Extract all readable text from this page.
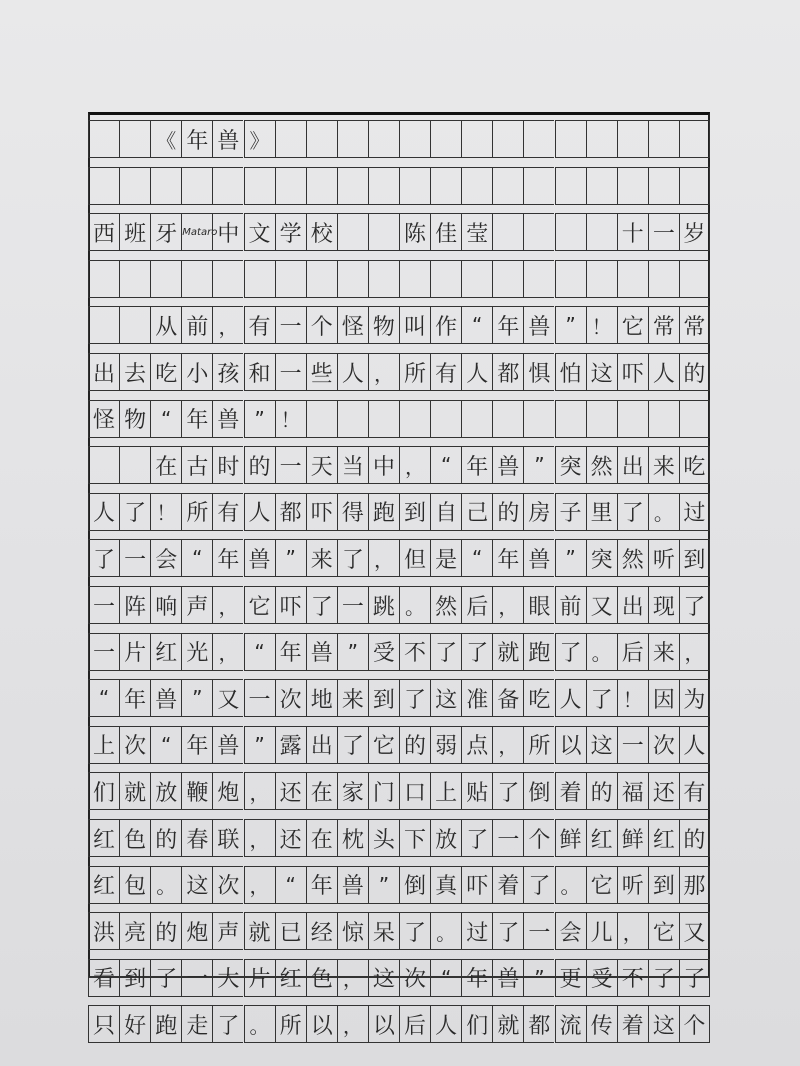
《 年 兽 》
西 班 牙 Mataro 中 文 学 校	陈 佳 莹	十 一 岁
从 前 ， 有 一 个 怪 物 叫 作 “ 年 兽 ” ！ 它 常 常
出 去 吃 小 孩 和 一 些 人 ， 所 有 人 都 惧 怕 这 吓 人 的
怪 物 “ 年 兽 ” ！
在 古 时 的 一 天 当 中 ， “ 年 兽 ” 突 然 出 来 吃
人 了 ！ 所 有 人 都 吓 得 跑 到 自 己 的 房 子 里 了 。 过
了 一 会 “ 年 兽 ” 来 了 ， 但 是 “ 年 兽 ” 突 然 听 到
一 阵 响 声 ， 它 吓 了 一 跳 。 然 后 ， 眼 前 又 出 现 了
一 片 红 光 ， “ 年 兽 ” 受 不 了 了 就 跑 了 。 后 来 ，
“ 年 兽 ” 又 一 次 地 来 到 了 这 准 备 吃 人 了 ！ 因 为
上 次 “ 年 兽 ” 露 出 了 它 的 弱 点 ， 所 以 这 一 次 人
们 就 放 鞭 炮 ， 还 在 家 门 口 上 贴 了 倒 着 的 福 还 有
红 色 的 春 联 ， 还 在 枕 头 下 放 了 一 个 鲜 红 鲜 红 的
红 包 。 这 次 ， “ 年 兽 ” 倒 真 吓 着 了 。 它 听 到 那
洪 亮 的 炮 声 就 已 经 惊 呆 了 。 过 了 一 会 儿 ， 它 又
看 到 了 一 大 片 红 色 ， 这 次 “ 年 兽 ” 更 受 不 了 了
只 好 跑 走 了 。 所 以 ， 以 后 人 们 就 都 流 传 着 这 个
